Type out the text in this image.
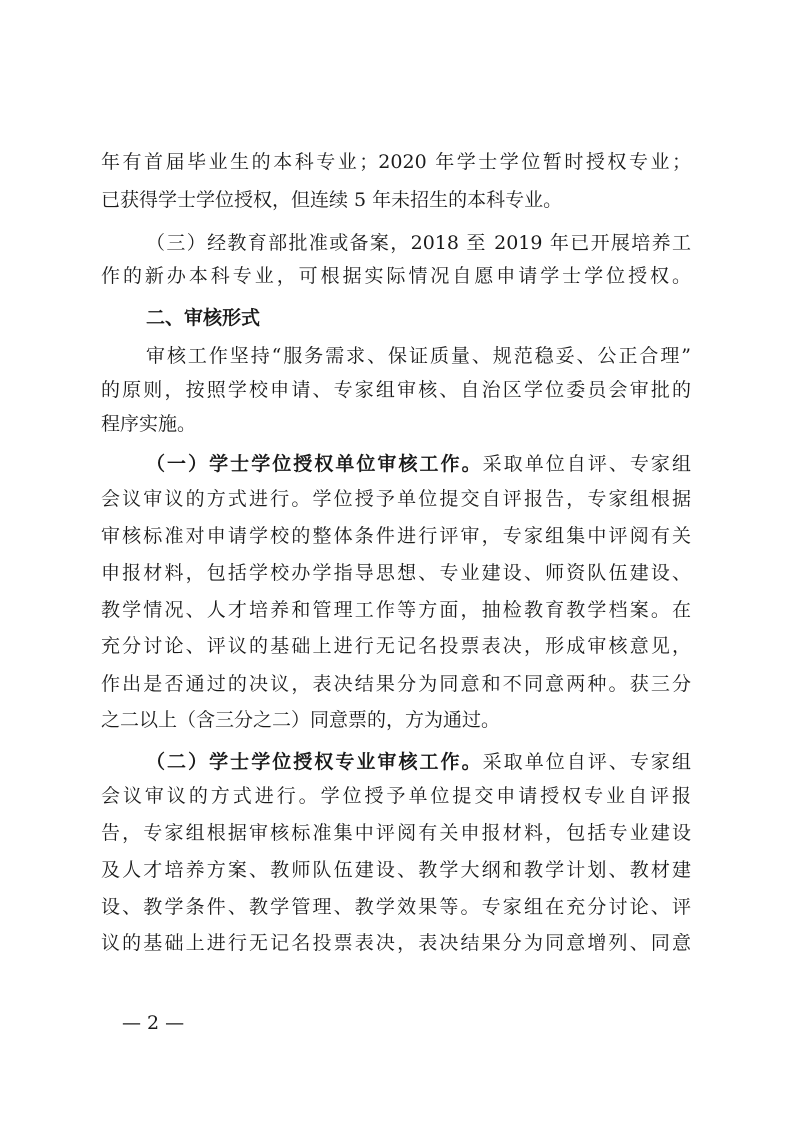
年有首届毕业生的本科专业；2020 年学士学位暂时授权专业；
已获得学士学位授权，但连续 5 年未招生的本科专业。
（三）经教育部批准或备案，2018 至 2019 年已开展培养工
作的新办本科专业，可根据实际情况自愿申请学士学位授权。
二、审核形式
审核工作坚持“服务需求、保证质量、规范稳妥、公正合理”
的原则，按照学校申请、专家组审核、自治区学位委员会审批的
程序实施。
（一）学士学位授权单位审核工作。采取单位自评、专家组
会议审议的方式进行。学位授予单位提交自评报告，专家组根据
审核标准对申请学校的整体条件进行评审，专家组集中评阅有关
申报材料，包括学校办学指导思想、专业建设、师资队伍建设、
教学情况、人才培养和管理工作等方面，抽检教育教学档案。在
充分讨论、评议的基础上进行无记名投票表决，形成审核意见，
作出是否通过的决议，表决结果分为同意和不同意两种。获三分
之二以上（含三分之二）同意票的，方为通过。
（二）学士学位授权专业审核工作。采取单位自评、专家组
会议审议的方式进行。学位授予单位提交申请授权专业自评报
告，专家组根据审核标准集中评阅有关申报材料，包括专业建设
及人才培养方案、教师队伍建设、教学大纲和教学计划、教材建
设、教学条件、教学管理、教学效果等。专家组在充分讨论、评
议的基础上进行无记名投票表决，表决结果分为同意增列、同意
— 2 —
